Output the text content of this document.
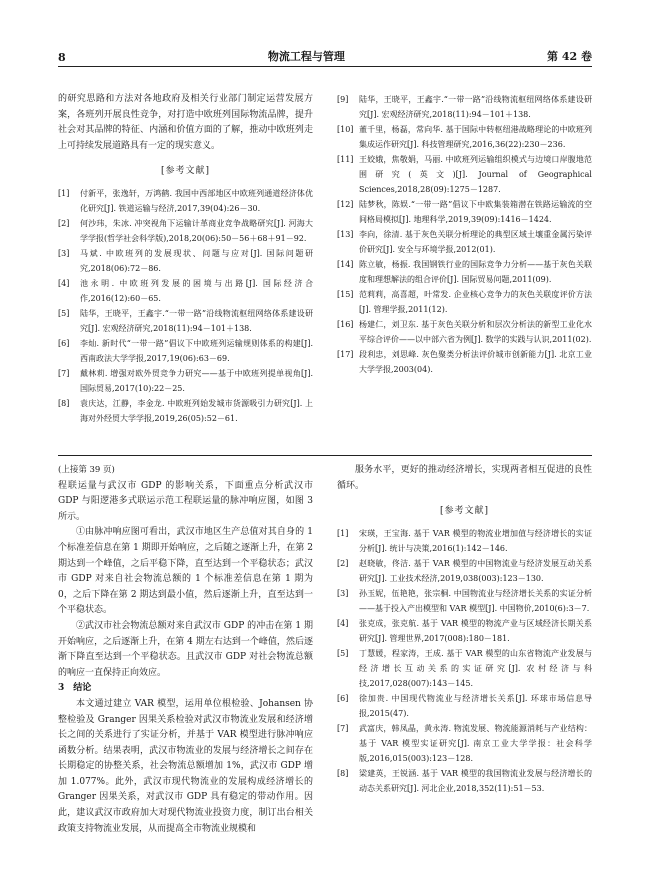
8	物流工程与管理	第 42 卷

的研究思路和方法对各地政府及相关行业部门制定运营发展方案，各班列开展良性竞争，对打造中欧班列国际物流品牌，提升社会对其品牌的特征、内涵和价值方面的了解，推动中欧班列走上可持续发展道路具有一定的现实意义。

[参考文献]
[1] 付新平，张逸轩，万鸿鹤. 我国中西部地区中欧班列通道经济体优化研究[J]. 铁道运输与经济,2017,39(04):26－30.
[2] 何沙玮，朱冰. 冲突视角下运输计革商业竞争战略研究[J]. 河海大学学报(哲学社会科学版),2018,20(06):50－56＋68＋91－92.
[3] 马斌. 中欧班列的发展现状、问题与应对[J]. 国际问题研究,2018(06):72－86.
[4] 池永明. 中欧班列发展的困境与出路[J]. 国际经济合作,2016(12):60－65.
[5] 陆华，王晓平，王鑫宇.“一带一路”沿线物流枢纽网络体系建设研究[J]. 宏观经济研究,2018(11):94－101＋138.
[6] 李灿. 新时代“一带一路”倡议下中欧班列运输规则体系的构建[J]. 西南政法大学学报,2017,19(06):63－69.
[7] 戴林莉. 增强对欧外贸竞争力研究——基于中欧班列提单视角[J]. 国际贸易,2017(10):22－25.
[8] 袁庆达，江静，李金龙. 中欧班列始发城市货源吸引力研究[J]. 上海对外经贸大学学报,2019,26(05):52－61.
[9] 陆华，王晓平，王鑫宇.“一带一路”沿线物流枢纽网络体系建设研究[J]. 宏观经济研究,2018(11):94－101＋138.
[10] 董千里，杨磊，常向华. 基于国际中转枢纽港战略理论的中欧班列集成运作研究[J]. 科技管理研究,2016,36(22):230－236.
[11] 王姣娥，焦敬娟，马丽. 中欧班列运输组织模式与边境口岸腹地范围研究(英文)[J]. Journal of Geographical Sciences,2018,28(09):1275－1287.
[12] 陆梦秋，陈娱.“一带一路”倡议下中欧集装箱潜在铁路运输流的空间格局模拟[J]. 地理科学,2019,39(09):1416－1424.
[13] 李向，徐清. 基于灰色关联分析理论的典型区域土壤重金属污染评价研究[J]. 安全与环境学报,2012(01).
[14] 陈立敏，杨振. 我国钢铁行业的国际竞争力分析——基于灰色关联度和理想解法的组合评价[J]. 国际贸易问题,2011(09).
[15] 范莉莉，高喜超，叶常发. 企业核心竞争力的灰色关联度评价方法[J]. 管理学报,2011(12).
[16] 杨建仁，刘卫东. 基于灰色关联分析和层次分析法的新型工业化水平综合评价——以中部六省为例[J]. 数学的实践与认识,2011(02).
[17] 段利忠，刘思峰. 灰色聚类分析法评价城市创新能力[J]. 北京工业大学学报,2003(04).

(上接第 39 页)

程联运量与武汉市 GDP 的影响关系，下面重点分析武汉市 GDP 与阳逻港多式联运示范工程联运量的脉冲响应图，如图 3 所示。

①由脉冲响应图可看出，武汉市地区生产总值对其自身的 1 个标准差信息在第 1 期即开始响应，之后随之逐渐上升，在第 2 期达到一个峰值，之后平稳下降，直至达到一个平稳状态；武汉市 GDP 对来自社会物流总额的 1 个标准差信息在第 1 期为 0，之后下降在第 2 期达到最小值，然后逐渐上升，直至达到一个平稳状态。

②武汉市社会物流总额对来自武汉市 GDP 的冲击在第 1 期开始响应，之后逐渐上升，在第 4 期左右达到一个峰值，然后逐渐下降直至达到一个平稳状态。且武汉市 GDP 对社会物流总额的响应一直保持正向效应。

3　结论

本文通过建立 VAR 模型，运用单位根检验、Johansen 协整检验及 Granger 因果关系检验对武汉市物流业发展和经济增长之间的关系进行了实证分析，并基于 VAR 模型进行脉冲响应函数分析。结果表明，武汉市物流业的发展与经济增长之间存在长期稳定的协整关系，社会物流总额增加 1%，武汉市 GDP 增加 1.077%。此外，武汉市现代物流业的发展构成经济增长的 Granger 因果关系，对武汉市 GDP 具有稳定的带动作用。因此，建议武汉市政府加大对现代物流业投资力度，制订出台相关政策支持物流业发展，从而提高全市物流业规模和

服务水平，更好的推动经济增长，实现两者相互促进的良性循环。

[参考文献]
[1] 宋瑛，王宝海. 基于 VAR 模型的物流业增加值与经济增长的实证分析[J]. 统计与决策,2016(1):142－146.
[2] 赵晓敏，佟洁. 基于 VAR 模型的中国物流业与经济发展互动关系研究[J]. 工业技术经济,2019,038(003):123－130.
[3] 孙玉妮，伍艳艳，张宗桐. 中国物流业与经济增长关系的实证分析——基于投入产出模型和 VAR 模型[J]. 中国物价,2010(6):3－7.
[4] 张克成，张克航. 基于 VAR 模型的物流产业与区域经济长期关系研究[J]. 管理世界,2017(008):180－181.
[5] 丁慧媛，程家涛，王成. 基于 VAR 模型的山东省物流产业发展与经济增长互动关系的实证研究[J]. 农村经济与科技,2017,028(007):143－145.
[6] 徐加贵. 中国现代物流业与经济增长关系[J]. 环球市场信息导报,2015(47).
[7] 武富庆，韩凤晶，黄永涛. 物流发展、物流能源消耗与产业结构：基于 VAR 模型实证研究[J]. 南京工业大学学报：社会科学版,2016,015(003):123－128.
[8] 梁建英，王锐涵. 基于 VAR 模型的我国物流业发展与经济增长的动态关系研究[J]. 河北企业,2018,352(11):51－53.
